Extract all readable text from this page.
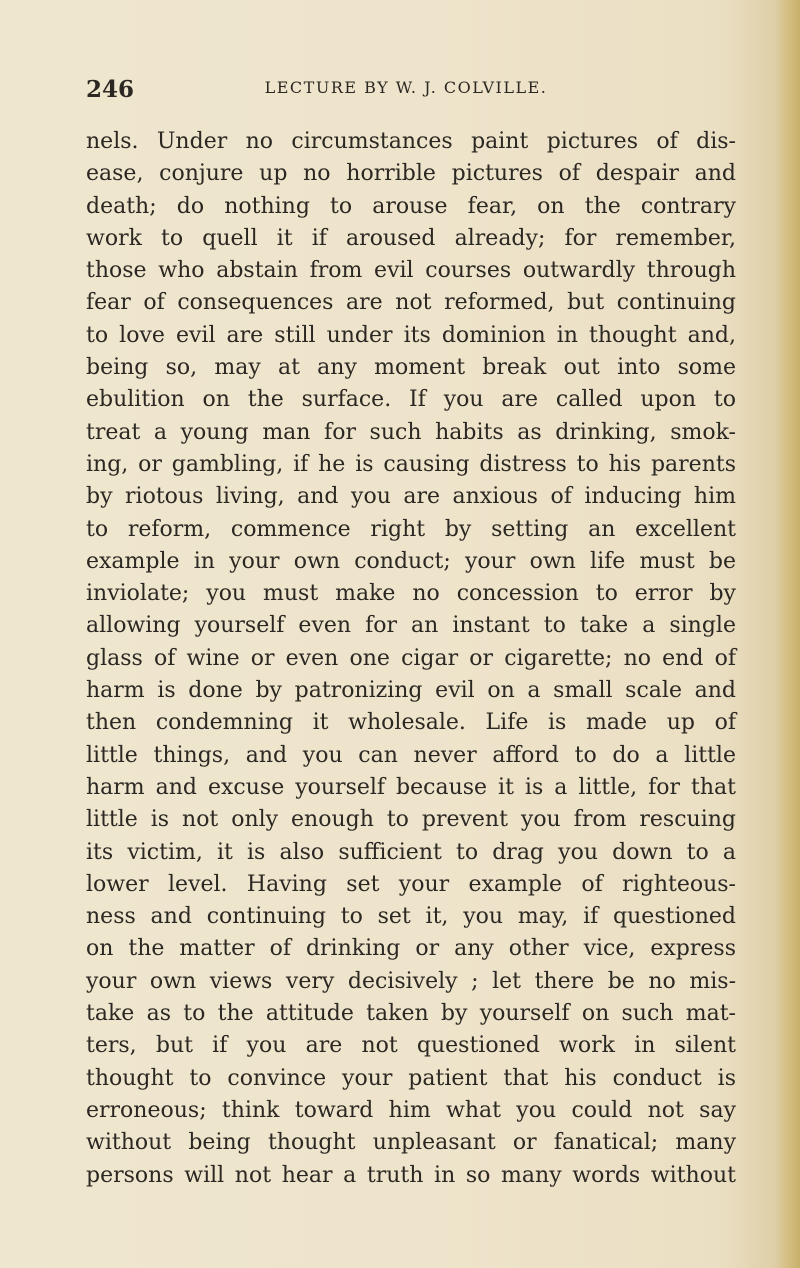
246	LECTURE BY W. J. COLVILLE.
nels. Under no circumstances paint pictures of dis-
ease, conjure up no horrible pictures of despair and
death; do nothing to arouse fear, on the contrary
work to quell it if aroused already; for remember,
those who abstain from evil courses outwardly through
fear of consequences are not reformed, but continuing
to love evil are still under its dominion in thought and,
being so, may at any moment break out into some
ebulition on the surface. If you are called upon to
treat a young man for such habits as drinking, smok-
ing, or gambling, if he is causing distress to his parents
by riotous living, and you are anxious of inducing him
to reform, commence right by setting an excellent
example in your own conduct; your own life must be
inviolate; you must make no concession to error by
allowing yourself even for an instant to take a single
glass of wine or even one cigar or cigarette; no end of
harm is done by patronizing evil on a small scale and
then condemning it wholesale. Life is made up of
little things, and you can never afford to do a little
harm and excuse yourself because it is a little, for that
little is not only enough to prevent you from rescuing
its victim, it is also sufficient to drag you down to a
lower level. Having set your example of righteous-
ness and continuing to set it, you may, if questioned
on the matter of drinking or any other vice, express
your own views very decisively ; let there be no mis-
take as to the attitude taken by yourself on such mat-
ters, but if you are not questioned work in silent
thought to convince your patient that his conduct is
erroneous; think toward him what you could not say
without being thought unpleasant or fanatical; many
persons will not hear a truth in so many words without
